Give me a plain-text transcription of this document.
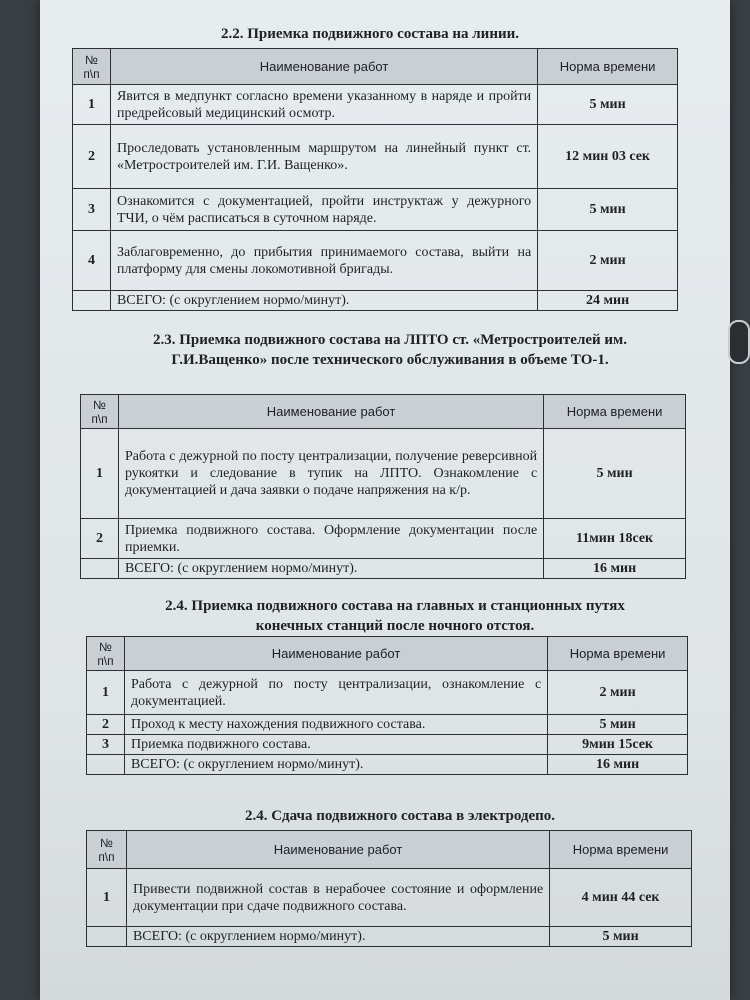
2.2. Приемка подвижного состава на линии.

№ п\п	Наименование работ	Норма времени
1	Явится в медпункт согласно времени указанному в наряде и пройти предрейсовый медицинский осмотр.	5 мин
2	Проследовать установленным маршрутом на линейный пункт ст. «Метростроителей им. Г.И. Ващенко».	12 мин 03 сек
3	Ознакомится с документацией, пройти инструктаж у дежурного ТЧИ, о чём расписаться в суточном наряде.	5 мин
4	Заблаговременно, до прибытия принимаемого состава, выйти на платформу для смены локомотивной бригады.	2 мин
	ВСЕГО: (с округлением нормо/минут).	24 мин

2.3. Приемка подвижного состава на ЛПТО ст. «Метростроителей им. Г.И.Ващенко» после технического обслуживания в объеме ТО-1.

№ п\п	Наименование работ	Норма времени
1	Работа с дежурной по посту централизации, получение реверсивной рукоятки и следование в тупик на ЛПТО. Ознакомление с документацией и дача заявки о подаче напряжения на к/р.	5 мин
2	Приемка подвижного состава. Оформление документации после приемки.	11мин 18сек
	ВСЕГО: (с округлением нормо/минут).	16 мин

2.4. Приемка подвижного состава на главных и станционных путях конечных станций после ночного отстоя.

№ п\п	Наименование работ	Норма времени
1	Работа с дежурной по посту централизации, ознакомление с документацией.	2 мин
2	Проход к месту нахождения подвижного состава.	5 мин
3	Приемка подвижного состава.	9мин 15сек
	ВСЕГО: (с округлением нормо/минут).	16 мин

2.4. Сдача подвижного состава в электродепо.

№ п\п	Наименование работ	Норма времени
1	Привести подвижной состав в нерабочее состояние и оформление документации при сдаче подвижного состава.	4 мин 44 сек
	ВСЕГО: (с округлением нормо/минут).	5 мин
